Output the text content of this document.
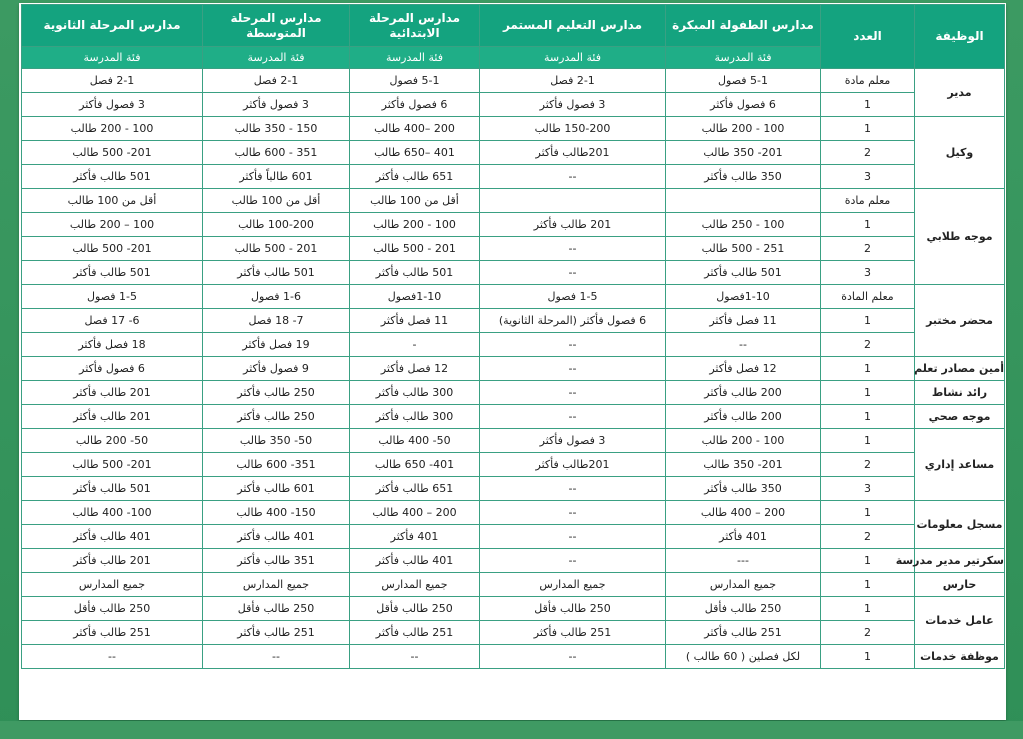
الوظيفة	العدد	مدارس الطفولة المبكرة	مدارس التعليم المستمر	مدارس المرحلة الابتدائية	مدارس المرحلة المتوسطة	مدارس المرحلة الثانوية
		فئة المدرسة	فئة المدرسة	فئة المدرسة	فئة المدرسة	فئة المدرسة
مدير	معلم مادة	5-1 فصول	2-1 فصل	5-1 فصول	2-1 فصل	2-1 فصل
	1	6 فصول فأكثر	3 فصول فأكثر	6 فصول فأكثر	3 فصول فأكثر	3 فصول فأكثر
وكيل	1	100 - 200 طالب	150-200 طالب	200 –400 طالب	150 - 350 طالب	100 - 200 طالب
	2	201- 350 طالب	201طالب فأكثر	401 –650 طالب	351 - 600 طالب	201- 500 طالب
	3	350 طالب فأكثر	--	651 طالب فأكثر	601 طالباً فأكثر	501 طالب فأكثر
موجه طلابي	معلم مادة			أقل من 100 طالب	أقل من 100 طالب	أقل من 100 طالب
	1	100 - 250 طالب	201 طالب فأكثر	100 - 200 طالب	100-200 طالب	100 – 200 طالب
	2	251 - 500 طالب	--	201 - 500 طالب	201 - 500 طالب	201- 500 طالب
	3	501 طالب فأكثر	--	501 طالب فأكثر	501 طالب فأكثر	501 طالب فأكثر
محضر مختبر	معلم المادة	1-10فصول	1-5 فصول	1-10فصول	1-6 فصول	1-5 فصول
	1	11 فصل فأكثر	6 فصول فأكثر (المرحلة الثانوية)	11 فصل فأكثر	7- 18 فصل	6- 17 فصل
	2	--	--	-	19 فصل فأكثر	18 فصل فأكثر
أمين مصادر تعلم	1	12 فصل فأكثر	--	12 فصل فأكثر	9 فصول فأكثر	6 فصول فأكثر
رائد نشاط	1	200 طالب فأكثر	--	300 طالب فأكثر	250 طالب فأكثر	201 طالب فأكثر
موجه صحي	1	200 طالب فأكثر	--	300 طالب فأكثر	250 طالب فأكثر	201 طالب فأكثر
مساعد إداري	1	100 - 200 طالب	3 فصول فأكثر	50- 400 طالب	50- 350 طالب	50- 200 طالب
	2	201- 350 طالب	201طالب فأكثر	401- 650 طالب	351- 600 طالب	201- 500 طالب
	3	350 طالب فأكثر	--	651 طالب فأكثر	601 طالب فأكثر	501 طالب فأكثر
مسجل معلومات	1	200 – 400 طالب	--	200 – 400 طالب	150- 400 طالب	100- 400 طالب
	2	401 فأكثر	--	401 فأكثر	401 طالب فأكثر	401 طالب فأكثر
سكرتير مدير مدرسة	1	---	--	401 طالب فأكثر	351 طالب فأكثر	201 طالب فأكثر
حارس	1	جميع المدارس	جميع المدارس	جميع المدارس	جميع المدارس	جميع المدارس
عامل خدمات	1	250 طالب فأقل	250 طالب فأقل	250 طالب فأقل	250 طالب فأقل	250 طالب فأقل
	2	251 طالب فأكثر	251 طالب فأكثر	251 طالب فأكثر	251 طالب فأكثر	251 طالب فأكثر
موظفة خدمات	1	لكل فصلين ( 60 طالب )	--	--	--	--
